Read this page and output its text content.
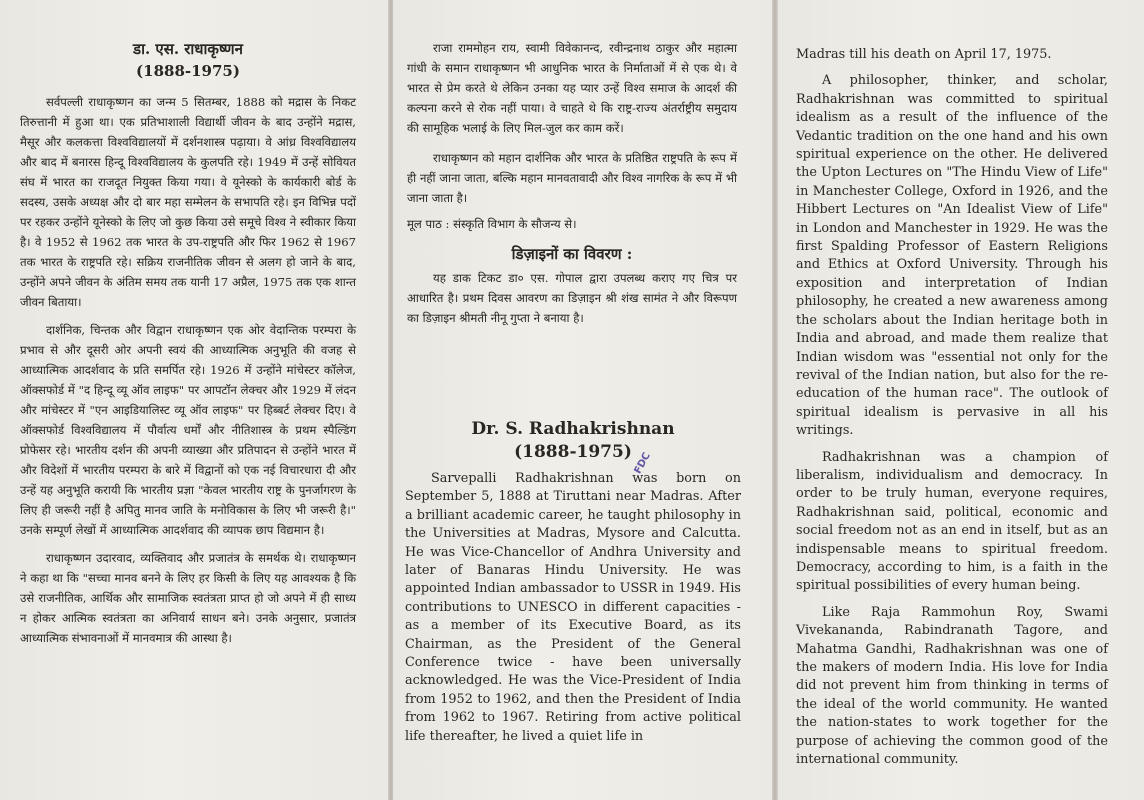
डा. एस. राधाकृष्णन

(1888-1975)

सर्वपल्ली राधाकृष्णन का जन्म 5 सितम्बर, 1888 को मद्रास के निकट तिरुत्तानी में हुआ था। एक प्रतिभाशाली विद्यार्थी जीवन के बाद उन्होंने मद्रास, मैसूर और कलकत्ता विश्वविद्यालयों में दर्शनशास्त्र पढ़ाया। वे आंध्र विश्वविद्यालय और बाद में बनारस हिन्दू विश्वविद्यालय के कुलपति रहे। 1949 में उन्हें सोवियत संघ में भारत का राजदूत नियुक्त किया गया। वे यूनेस्को के कार्यकारी बोर्ड के सदस्य, उसके अध्यक्ष और दो बार महा सम्मेलन के सभापति रहे। इन विभिन्न पदों पर रहकर उन्होंने यूनेस्को के लिए जो कुछ किया उसे समूचे विश्व ने स्वीकार किया है। वे 1952 से 1962 तक भारत के उप-राष्ट्रपति और फिर 1962 से 1967 तक भारत के राष्ट्रपति रहे। सक्रिय राजनीतिक जीवन से अलग हो जाने के बाद, उन्होंने अपने जीवन के अंतिम समय तक यानी 17 अप्रैल, 1975 तक एक शान्त जीवन बिताया।

दार्शनिक, चिन्तक और विद्वान राधाकृष्णन एक ओर वेदान्तिक परम्परा के प्रभाव से और दूसरी ओर अपनी स्वयं की आध्यात्मिक अनुभूति की वजह से आध्यात्मिक आदर्शवाद के प्रति समर्पित रहे। 1926 में उन्होंने मांचेस्टर कॉलेज, ऑक्सफोर्ड में "द हिन्दू व्यू ऑव लाइफ" पर आपटॉन लेक्चर और 1929 में लंदन और मांचेस्टर में "एन आइडियालिस्ट व्यू ऑव लाइफ" पर हिब्बर्ट लेक्चर दिए। वे ऑक्सफोर्ड विश्वविद्यालय में पौर्वात्य धर्मों और नीतिशास्त्र के प्रथम स्पैल्डिंग प्रोफेसर रहे। भारतीय दर्शन की अपनी व्याख्या और प्रतिपादन से उन्होंने भारत में और विदेशों में भारतीय परम्परा के बारे में विद्वानों को एक नई विचारधारा दी और उन्हें यह अनुभूति करायी कि भारतीय प्रज्ञा "केवल भारतीय राष्ट्र के पुनर्जागरण के लिए ही जरूरी नहीं है अपितु मानव जाति के मनोविकास के लिए भी जरूरी है।" उनके सम्पूर्ण लेखों में आध्यात्मिक आदर्शवाद की व्यापक छाप विद्यमान है।

राधाकृष्णन उदारवाद, व्यक्तिवाद और प्रजातंत्र के समर्थक थे। राधाकृष्णन ने कहा था कि "सच्चा मानव बनने के लिए हर किसी के लिए यह आवश्यक है कि उसे राजनीतिक, आर्थिक और सामाजिक स्वतंत्रता प्राप्त हो जो अपने में ही साध्य न होकर आत्मिक स्वतंत्रता का अनिवार्य साधन बने। उनके अनुसार, प्रजातंत्र आध्यात्मिक संभावनाओं में मानवमात्र की आस्था है।

राजा राममोहन राय, स्वामी विवेकानन्द, रवीन्द्रनाथ ठाकुर और महात्मा गांधी के समान राधाकृष्णन भी आधुनिक भारत के निर्माताओं में से एक थे। वे भारत से प्रेम करते थे लेकिन उनका यह प्यार उन्हें विश्व समाज के आदर्श की कल्पना करने से रोक नहीं पाया। वे चाहते थे कि राष्ट्र-राज्य अंतर्राष्ट्रीय समुदाय की सामूहिक भलाई के लिए मिल-जुल कर काम करें।

राधाकृष्णन को महान दार्शनिक और भारत के प्रतिष्ठित राष्ट्रपति के रूप में ही नहीं जाना जाता, बल्कि महान मानवतावादी और विश्व नागरिक के रूप में भी जाना जाता है।

मूल पाठ : संस्कृति विभाग के सौजन्य से।

डिज़ाइनों का विवरण :

यह डाक टिकट डा० एस. गोपाल द्वारा उपलब्ध कराए गए चित्र पर आधारित है। प्रथम दिवस आवरण का डिज़ाइन श्री शंख सामंत ने और विरूपण का डिज़ाइन श्रीमती नीनू गुप्ता ने बनाया है।

Dr. S. Radhakrishnan

(1888-1975)

Sarvepalli Radhakrishnan was born on September 5, 1888 at Tiruttani near Madras. After a brilliant academic career, he taught philosophy in the Universities at Madras, Mysore and Calcutta. He was Vice-Chancellor of Andhra University and later of Banaras Hindu University. He was appointed Indian ambassador to USSR in 1949. His contributions to UNESCO in different capacities - as a member of its Executive Board, as its Chairman, as the President of the General Conference twice - have been universally acknowledged. He was the Vice-President of India from 1952 to 1962, and then the President of India from 1962 to 1967. Retiring from active political life thereafter, he lived a quiet life in

FDC

Madras till his death on April 17, 1975.

A philosopher, thinker, and scholar, Radhakrishnan was committed to spiritual idealism as a result of the influence of the Vedantic tradition on the one hand and his own spiritual experience on the other. He delivered the Upton Lectures on "The Hindu View of Life" in Manchester College, Oxford in 1926, and the Hibbert Lectures on "An Idealist View of Life" in London and Manchester in 1929. He was the first Spalding Professor of Eastern Religions and Ethics at Oxford University. Through his exposition and interpretation of Indian philosophy, he created a new awareness among the scholars about the Indian heritage both in India and abroad, and made them realize that Indian wisdom was "essential not only for the revival of the Indian nation, but also for the re-education of the human race". The outlook of spiritual idealism is pervasive in all his writings.

Radhakrishnan was a champion of liberalism, individualism and democracy. In order to be truly human, everyone requires, Radhakrishnan said, political, economic and social freedom not as an end in itself, but as an indispensable means to spiritual freedom. Democracy, according to him, is a faith in the spiritual possibilities of every human being.

Like Raja Rammohun Roy, Swami Vivekananda, Rabindranath Tagore, and Mahatma Gandhi, Radhakrishnan was one of the makers of modern India. His love for India did not prevent him from thinking in terms of the ideal of the world community. He wanted the nation-states to work together for the purpose of achieving the common good of the international community.
